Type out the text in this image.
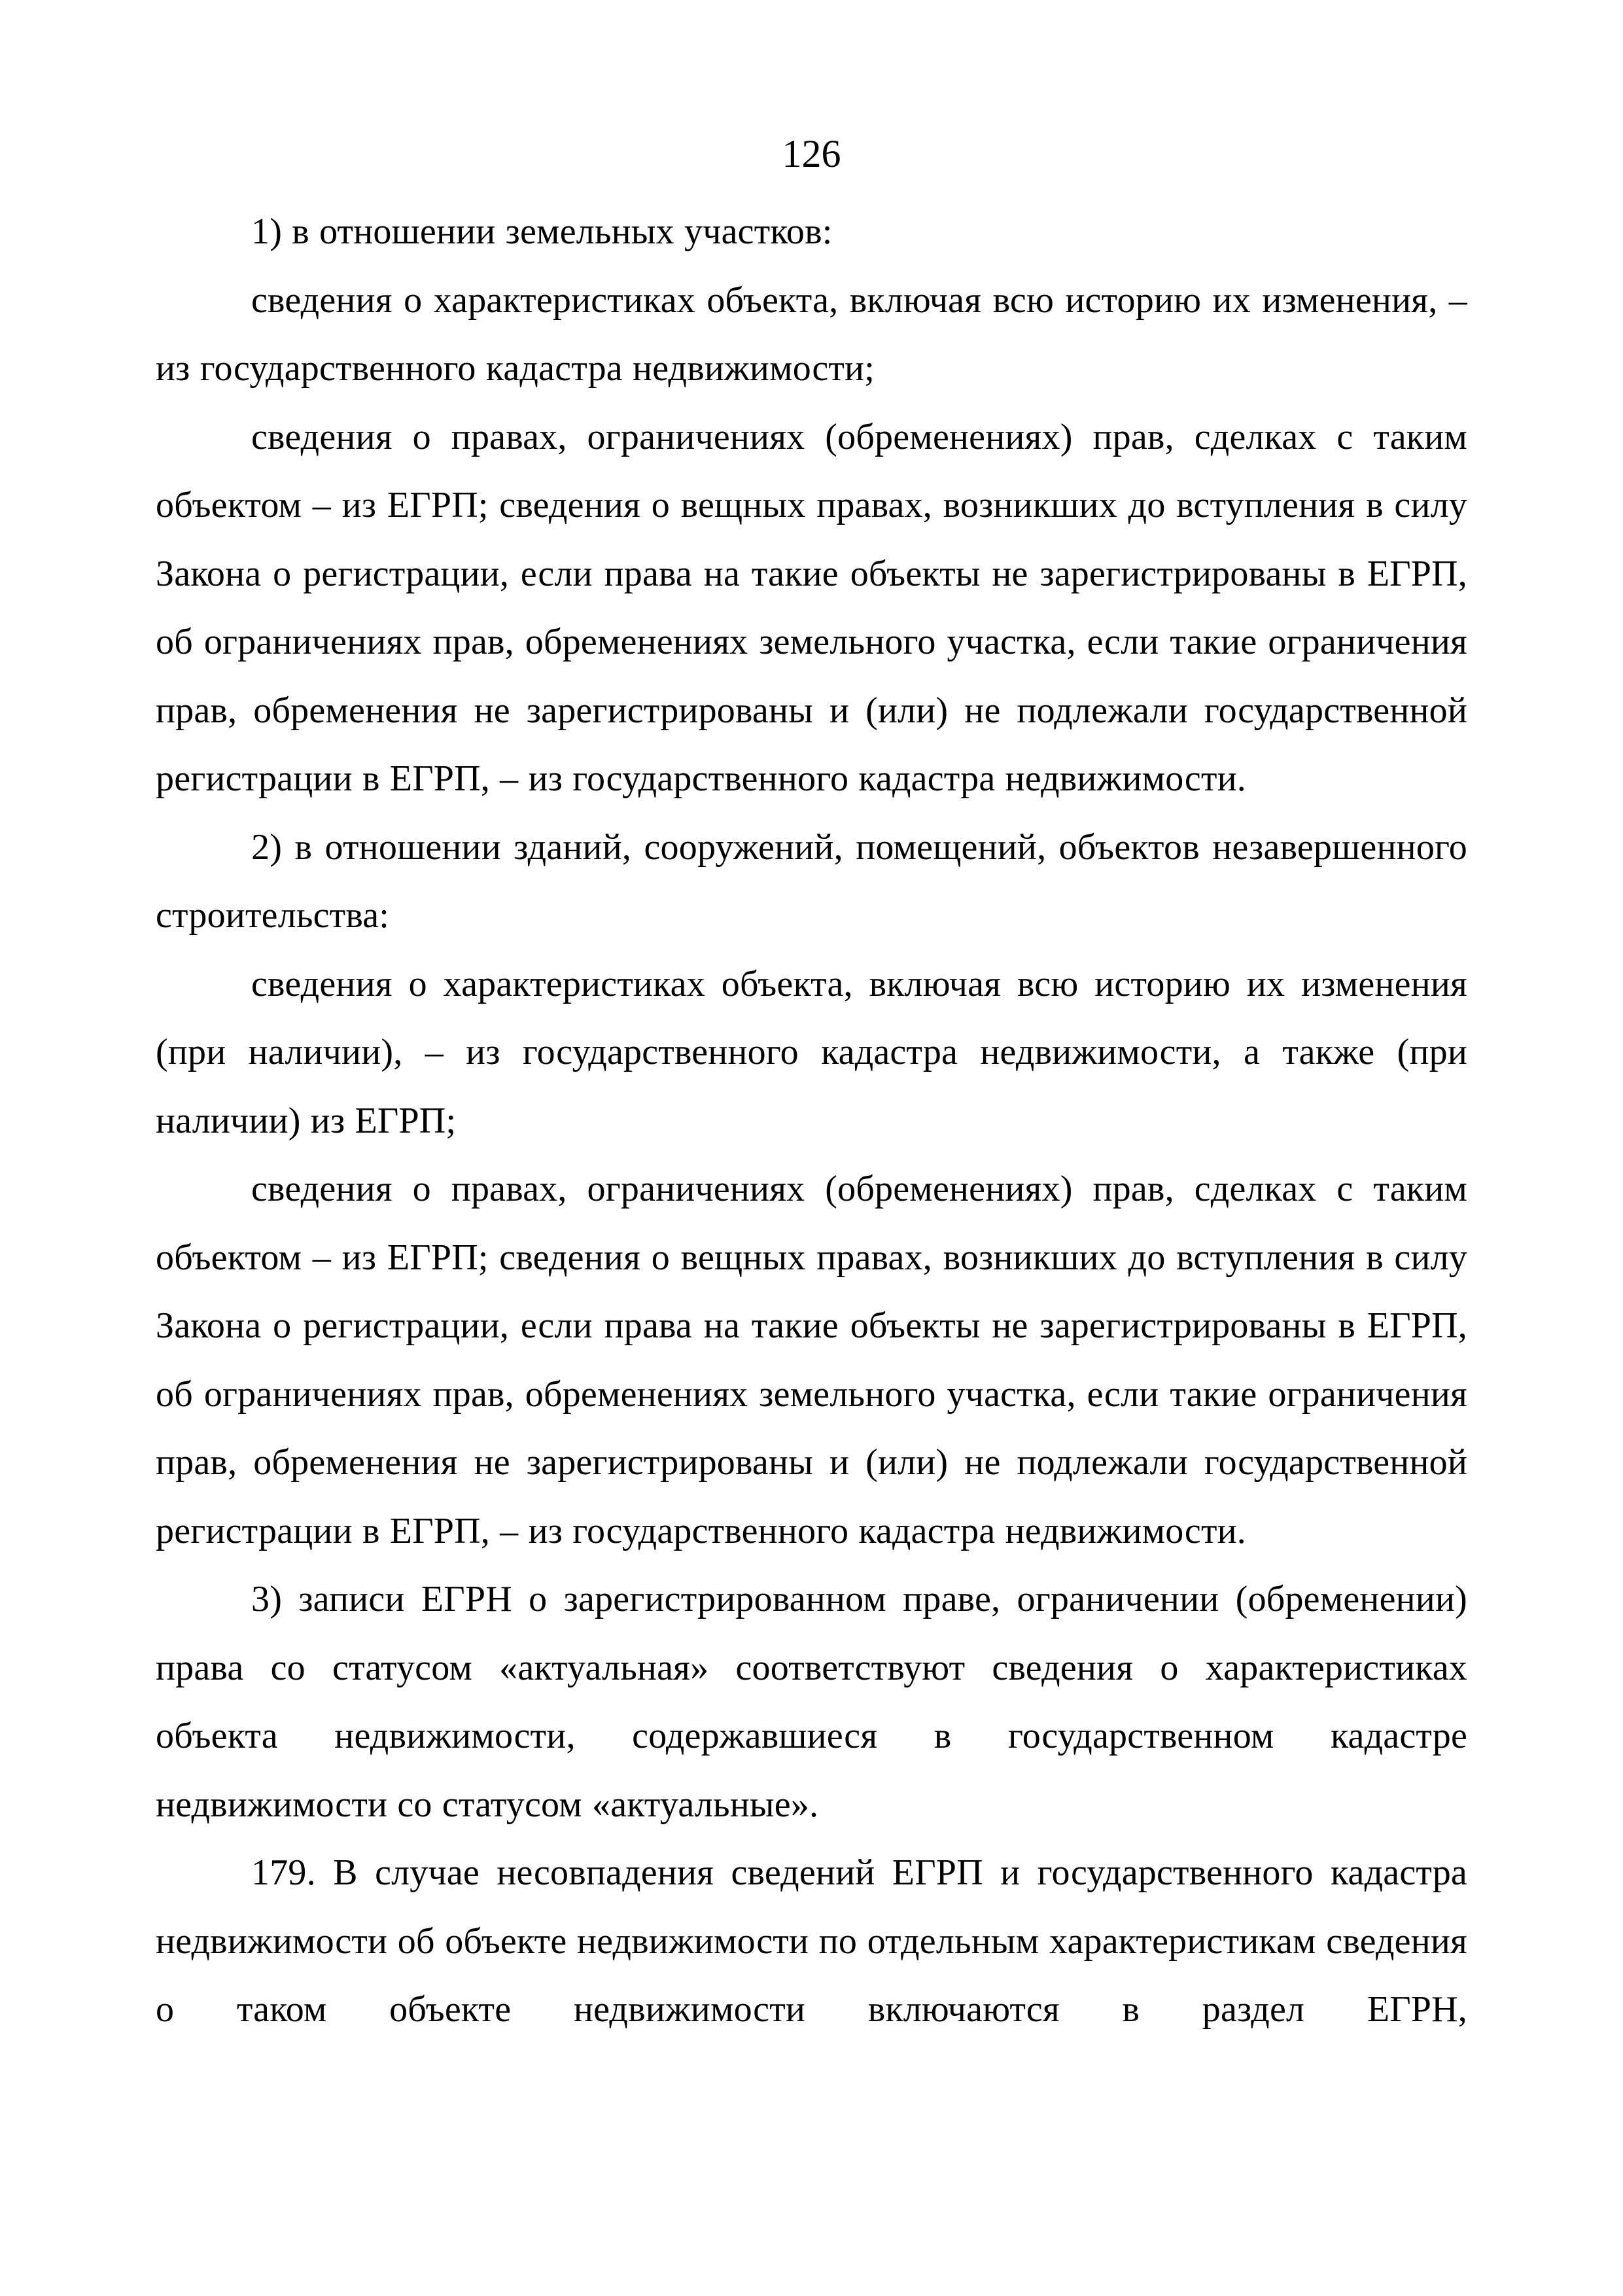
126

1) в отношении земельных участков:

сведения о характеристиках объекта, включая всю историю их изменения, – из государственного кадастра недвижимости;

сведения о правах, ограничениях (обременениях) прав, сделках с таким объектом – из ЕГРП; сведения о вещных правах, возникших до вступления в силу Закона о регистрации, если права на такие объекты не зарегистрированы в ЕГРП, об ограничениях прав, обременениях земельного участка, если такие ограничения прав, обременения не зарегистрированы и (или) не подлежали государственной регистрации в ЕГРП, – из государственного кадастра недвижимости.

2) в отношении зданий, сооружений, помещений, объектов незавершенного строительства:

сведения о характеристиках объекта, включая всю историю их изменения (при наличии), – из государственного кадастра недвижимости, а также (при наличии) из ЕГРП;

сведения о правах, ограничениях (обременениях) прав, сделках с таким объектом – из ЕГРП; сведения о вещных правах, возникших до вступления в силу Закона о регистрации, если права на такие объекты не зарегистрированы в ЕГРП, об ограничениях прав, обременениях земельного участка, если такие ограничения прав, обременения не зарегистрированы и (или) не подлежали государственной регистрации в ЕГРП, – из государственного кадастра недвижимости.

3) записи ЕГРН о зарегистрированном праве, ограничении (обременении) права со статусом «актуальная» соответствуют сведения о характеристиках объекта недвижимости, содержавшиеся в государственном кадастре недвижимости со статусом «актуальные».

179. В случае несовпадения сведений ЕГРП и государственного кадастра недвижимости об объекте недвижимости по отдельным характеристикам сведения о таком объекте недвижимости включаются в раздел ЕГРН,
